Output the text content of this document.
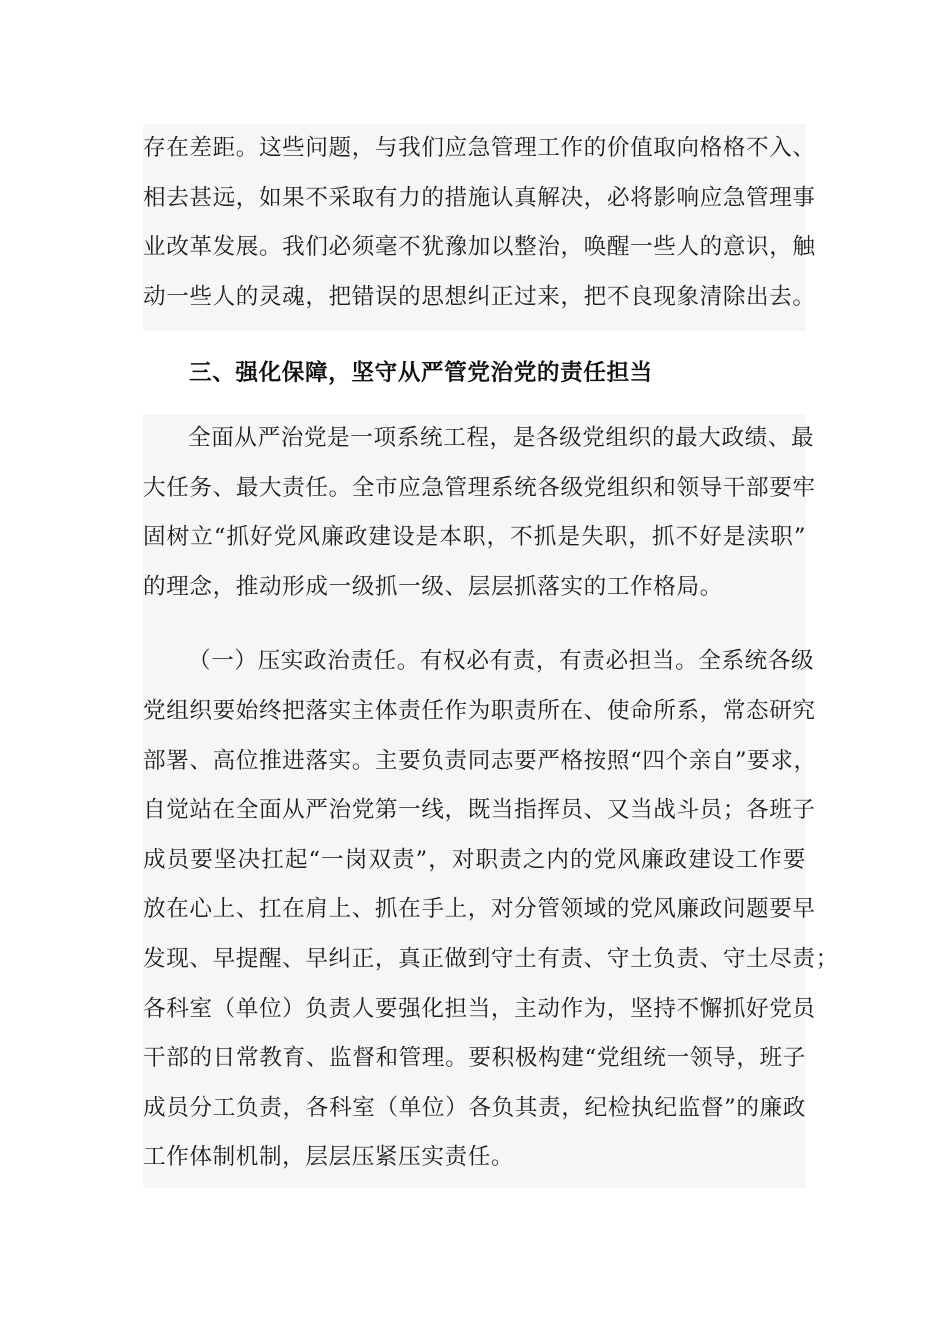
存在差距。这些问题，与我们应急管理工作的价值取向格格不入、
相去甚远，如果不采取有力的措施认真解决，必将影响应急管理事
业改革发展。我们必须毫不犹豫加以整治，唤醒一些人的意识，触
动一些人的灵魂，把错误的思想纠正过来，把不良现象清除出去。
三、强化保障，坚守从严管党治党的责任担当
全面从严治党是一项系统工程，是各级党组织的最大政绩、最
大任务、最大责任。全市应急管理系统各级党组织和领导干部要牢
固树立“抓好党风廉政建设是本职，不抓是失职，抓不好是渎职”
的理念，推动形成一级抓一级、层层抓落实的工作格局。
（一）压实政治责任。有权必有责，有责必担当。全系统各级
党组织要始终把落实主体责任作为职责所在、使命所系，常态研究
部署、高位推进落实。主要负责同志要严格按照“四个亲自”要求，
自觉站在全面从严治党第一线，既当指挥员、又当战斗员；各班子
成员要坚决扛起“一岗双责”，对职责之内的党风廉政建设工作要
放在心上、扛在肩上、抓在手上，对分管领域的党风廉政问题要早
发现、早提醒、早纠正，真正做到守土有责、守土负责、守土尽责；
各科室（单位）负责人要强化担当，主动作为，坚持不懈抓好党员
干部的日常教育、监督和管理。要积极构建“党组统一领导，班子
成员分工负责，各科室（单位）各负其责，纪检执纪监督”的廉政
工作体制机制，层层压紧压实责任。
